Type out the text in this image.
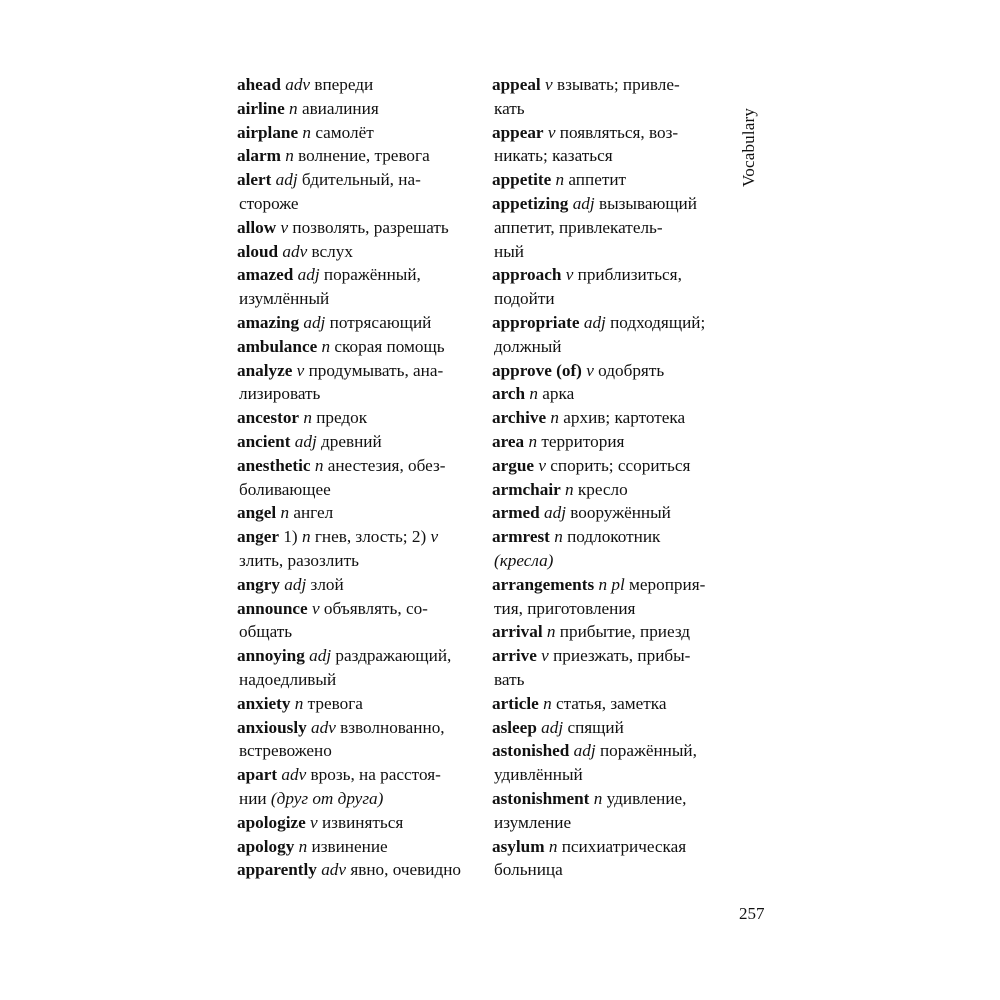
ahead adv впереди
airline n авиалиния
airplane n самолёт
alarm n волнение, тревога
alert adj бдительный, на-
стороже
allow v позволять, разрешать
aloud adv вслух
amazed adj поражённый,
изумлённый
amazing adj потрясающий
ambulance n скорая помощь
analyze v продумывать, ана-
лизировать
ancestor n предок
ancient adj древний
anesthetic n анестезия, обез-
боливающее
angel n ангел
anger 1) n гнев, злость; 2) v
злить, разозлить
angry adj злой
announce v объявлять, со-
общать
annoying adj раздражающий,
надоедливый
anxiety n тревога
anxiously adv взволнованно,
встревожено
apart adv врозь, на расстоя-
нии (друг от друга)
apologize v извиняться
apology n извинение
apparently adv явно, очевидно
appeal v взывать; привле-
кать
appear v появляться, воз-
никать; казаться
appetite n аппетит
appetizing adj вызывающий
аппетит, привлекатель-
ный
approach v приблизиться,
подойти
appropriate adj подходящий;
должный
approve (of) v одобрять
arch n арка
archive n архив; картотека
area n территория
argue v спорить; ссориться
armchair n кресло
armed adj вооружённый
armrest n подлокотник
(кресла)
arrangements n pl мероприя-
тия, приготовления
arrival n прибытие, приезд
arrive v приезжать, прибы-
вать
article n статья, заметка
asleep adj спящий
astonished adj поражённый,
удивлённый
astonishment n удивление,
изумление
asylum n психиатрическая
больница
Vocabulary
257
